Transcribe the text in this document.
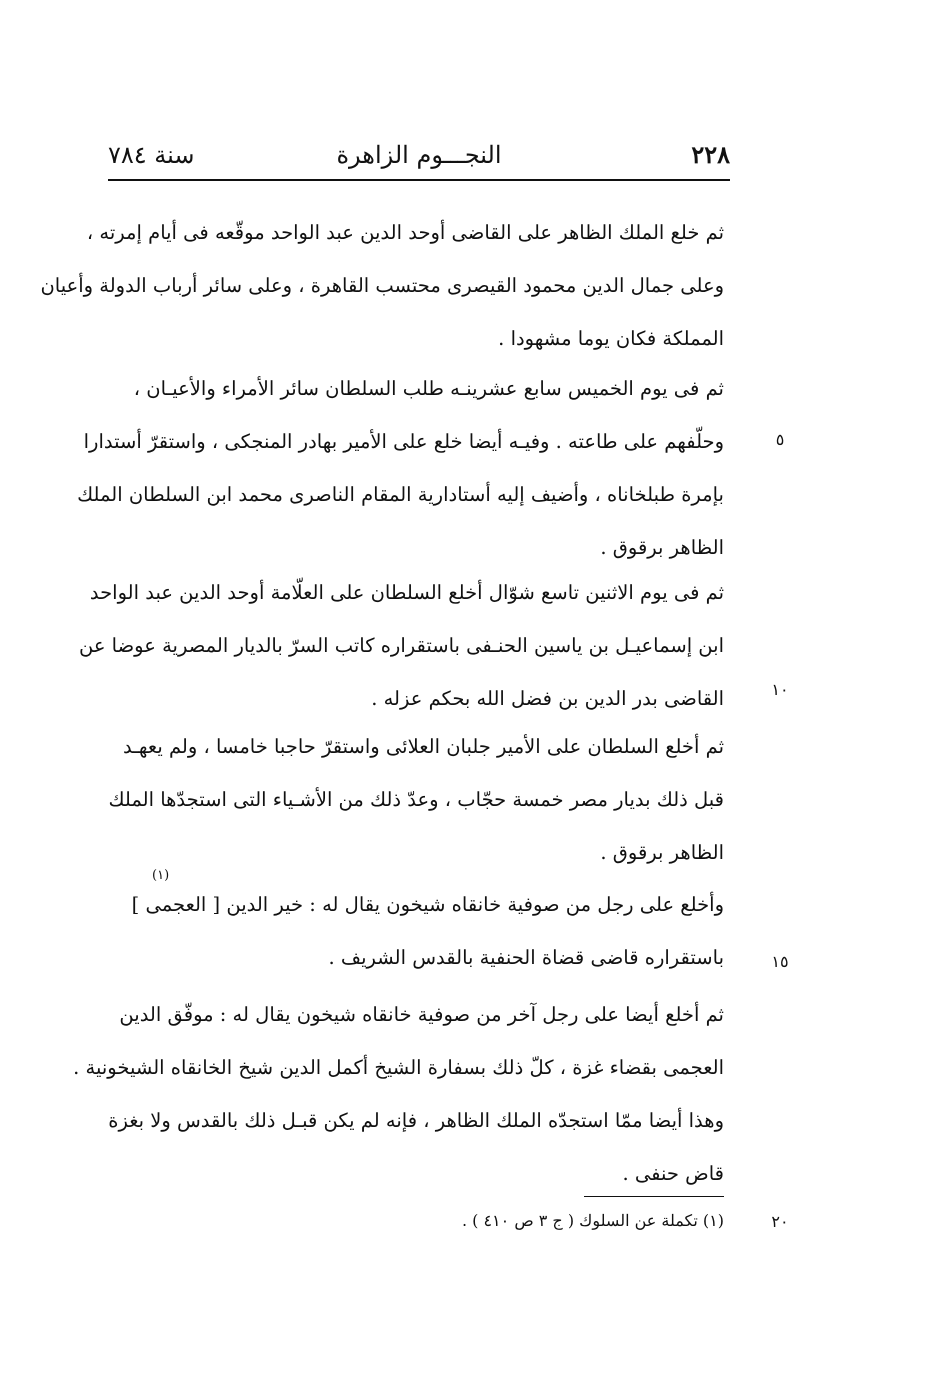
٢٢٨
النجـــوم الزاهرة
سنة ٧٨٤
ثم خلع الملك الظاهر على القاضى أوحد الدين عبد الواحد موقّعه فى أيام إمرته ،
وعلى جمال الدين محمود القيصرى محتسب القاهرة ، وعلى سائر أرباب الدولة وأعيان
المملكة فكان يوما مشهودا .
ثم فى يوم الخميس سابع عشرينـه طلب السلطان سائر الأمراء والأعيـان ،
وحلّفهم على طاعته . وفيـه أيضا خلع على الأمير بهادر المنجكى ، واستقرّ أستدارا
بإمرة طبلخاناه ، وأضيف إليه أستادارية المقام الناصرى محمد ابن السلطان الملك
الظاهر برقوق .
ثم فى يوم الاثنين تاسع شوّال أخلع السلطان على العلّامة أوحد الدين عبد الواحد
ابن إسماعيـل بن ياسين الحنـفى باستقراره كاتب السرّ بالديار المصرية عوضا عن
القاضى بدر الدين بن فضل الله بحكم عزله .
ثم أخلع السلطان على الأمير جلبان العلائى واستقرّ حاجبا خامسا ، ولم يعهـد
قبل ذلك بديار مصر خمسة حجّاب ، وعدّ ذلك من الأشـياء التى استجدّها الملك
الظاهر برقوق .
(١)
وأخلع على رجل من صوفية خانقاه شيخون يقال له : خير الدين [ العجمى ]
باستقراره قاضى قضاة الحنفية بالقدس الشريف .
ثم أخلع أيضا على رجل آخر من صوفية خانقاه شيخون يقال له : موفّق الدين
العجمى بقضاء غزة ، كلّ ذلك بسفارة الشيخ أكمل الدين شيخ الخانقاه الشيخونية .
وهذا أيضا ممّا استجدّه الملك الظاهر ، فإنه لم يكن قبـل ذلك بالقدس ولا بغزة
قاض حنفى .
٥
١٠
١٥
٢٠
(١) تكملة عن السلوك ( ج ٣ ص ٤١٠ ) .
